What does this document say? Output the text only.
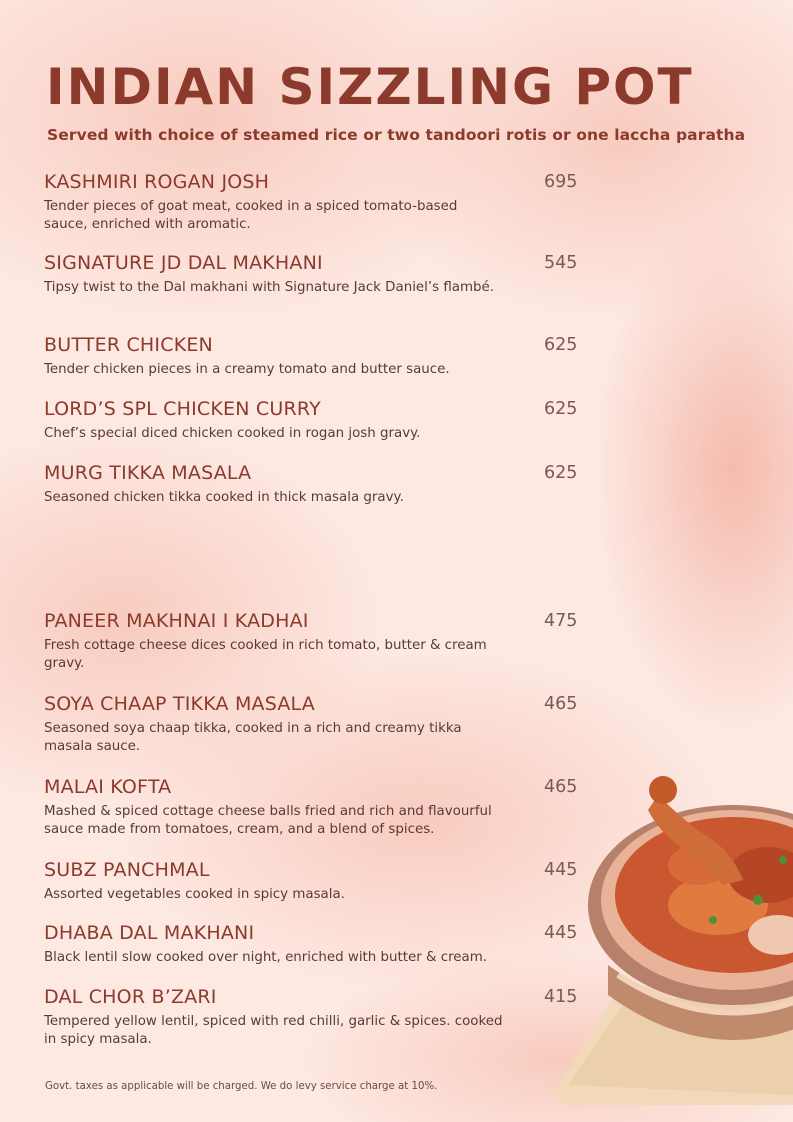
INDIAN SIZZLING POT

Served with choice of steamed rice or two tandoori rotis or one laccha paratha

KASHMIRI ROGAN JOSH	695
Tender pieces of goat meat, cooked in a spiced tomato-based sauce, enriched with aromatic.
SIGNATURE JD DAL MAKHANI	545
Tipsy twist to the Dal makhani with Signature Jack Daniel’s flambé.
BUTTER CHICKEN	625
Tender chicken pieces in a creamy tomato and butter sauce.
LORD’S SPL CHICKEN CURRY	625
Chef’s special diced chicken cooked in rogan josh gravy.
MURG TIKKA MASALA	625
Seasoned chicken tikka cooked in thick masala gravy.
PANEER MAKHNAI I KADHAI	475
Fresh cottage cheese dices cooked in rich tomato, butter & cream gravy.
SOYA CHAAP TIKKA MASALA	465
Seasoned soya chaap tikka, cooked in a rich and creamy tikka masala sauce.
MALAI KOFTA	465
Mashed & spiced cottage cheese balls fried and rich and flavourful sauce made from tomatoes, cream, and a blend of spices.
SUBZ PANCHMAL	445
Assorted vegetables cooked in spicy masala.
DHABA DAL MAKHANI	445
Black lentil slow cooked over night, enriched with butter & cream.
DAL CHOR B’ZARI	415
Tempered yellow lentil, spiced with red chilli, garlic & spices. cooked in spicy masala.
Govt. taxes as applicable will be charged. We do levy service charge at 10%.
